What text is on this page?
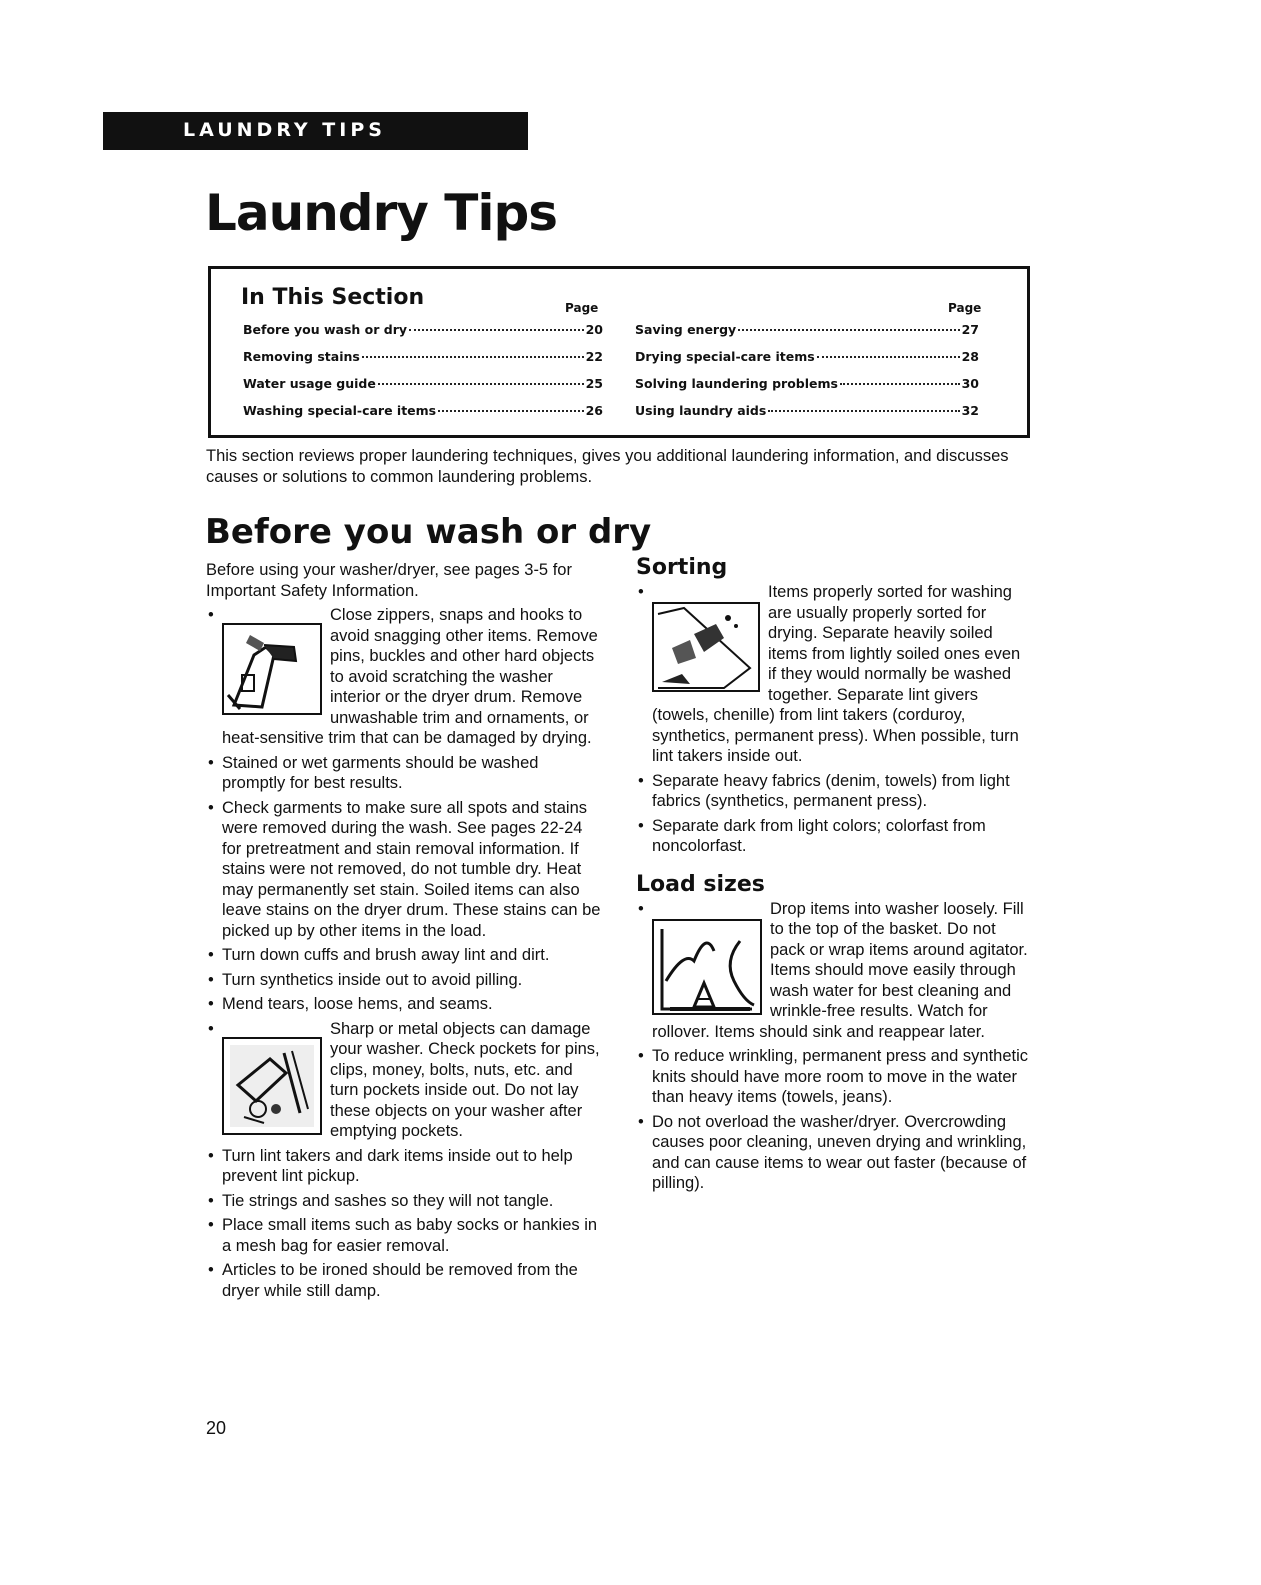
LAUNDRY TIPS
Laundry Tips
In This Section	Page	Page
Before you wash or dry	20
Removing stains	22
Water usage guide	25
Washing special-care items	26
Saving energy	27
Drying special-care items	28
Solving laundering problems	30
Using laundry aids	32

This section reviews proper laundering techniques, gives you additional laundering information, and discusses causes or solutions to common laundering problems.

Before you wash or dry

Before using your washer/dryer, see pages 3-5 for Important Safety Information.

• Close zippers, snaps and hooks to avoid snagging other items. Remove pins, buckles and other hard objects to avoid scratching the washer interior or the dryer drum. Remove unwashable trim and ornaments, or heat-sensitive trim that can be damaged by drying.
• Stained or wet garments should be washed promptly for best results.
• Check garments to make sure all spots and stains were removed during the wash. See pages 22-24 for pretreatment and stain removal information. If stains were not removed, do not tumble dry. Heat may permanently set stain. Soiled items can also leave stains on the dryer drum. These stains can be picked up by other items in the load.
• Turn down cuffs and brush away lint and dirt.
• Turn synthetics inside out to avoid pilling.
• Mend tears, loose hems, and seams.
• Sharp or metal objects can damage your washer. Check pockets for pins, clips, money, bolts, nuts, etc. and turn pockets inside out. Do not lay these objects on your washer after emptying pockets.
• Turn lint takers and dark items inside out to help prevent lint pickup.
• Tie strings and sashes so they will not tangle.
• Place small items such as baby socks or hankies in a mesh bag for easier removal.
• Articles to be ironed should be removed from the dryer while still damp.
Sorting
• Items properly sorted for washing are usually properly sorted for drying. Separate heavily soiled items from lightly soiled ones even if they would normally be washed together. Separate lint givers (towels, chenille) from lint takers (corduroy, synthetics, permanent press). When possible, turn lint takers inside out.
• Separate heavy fabrics (denim, towels) from light fabrics (synthetics, permanent press).
• Separate dark from light colors; colorfast from noncolorfast.
Load sizes
• Drop items into washer loosely. Fill to the top of the basket. Do not pack or wrap items around agitator. Items should move easily through wash water for best cleaning and wrinkle-free results. Watch for rollover. Items should sink and reappear later.
• To reduce wrinkling, permanent press and synthetic knits should have more room to move in the water than heavy items (towels, jeans).
• Do not overload the washer/dryer. Overcrowding causes poor cleaning, uneven drying and wrinkling, and can cause items to wear out faster (because of pilling).
20
